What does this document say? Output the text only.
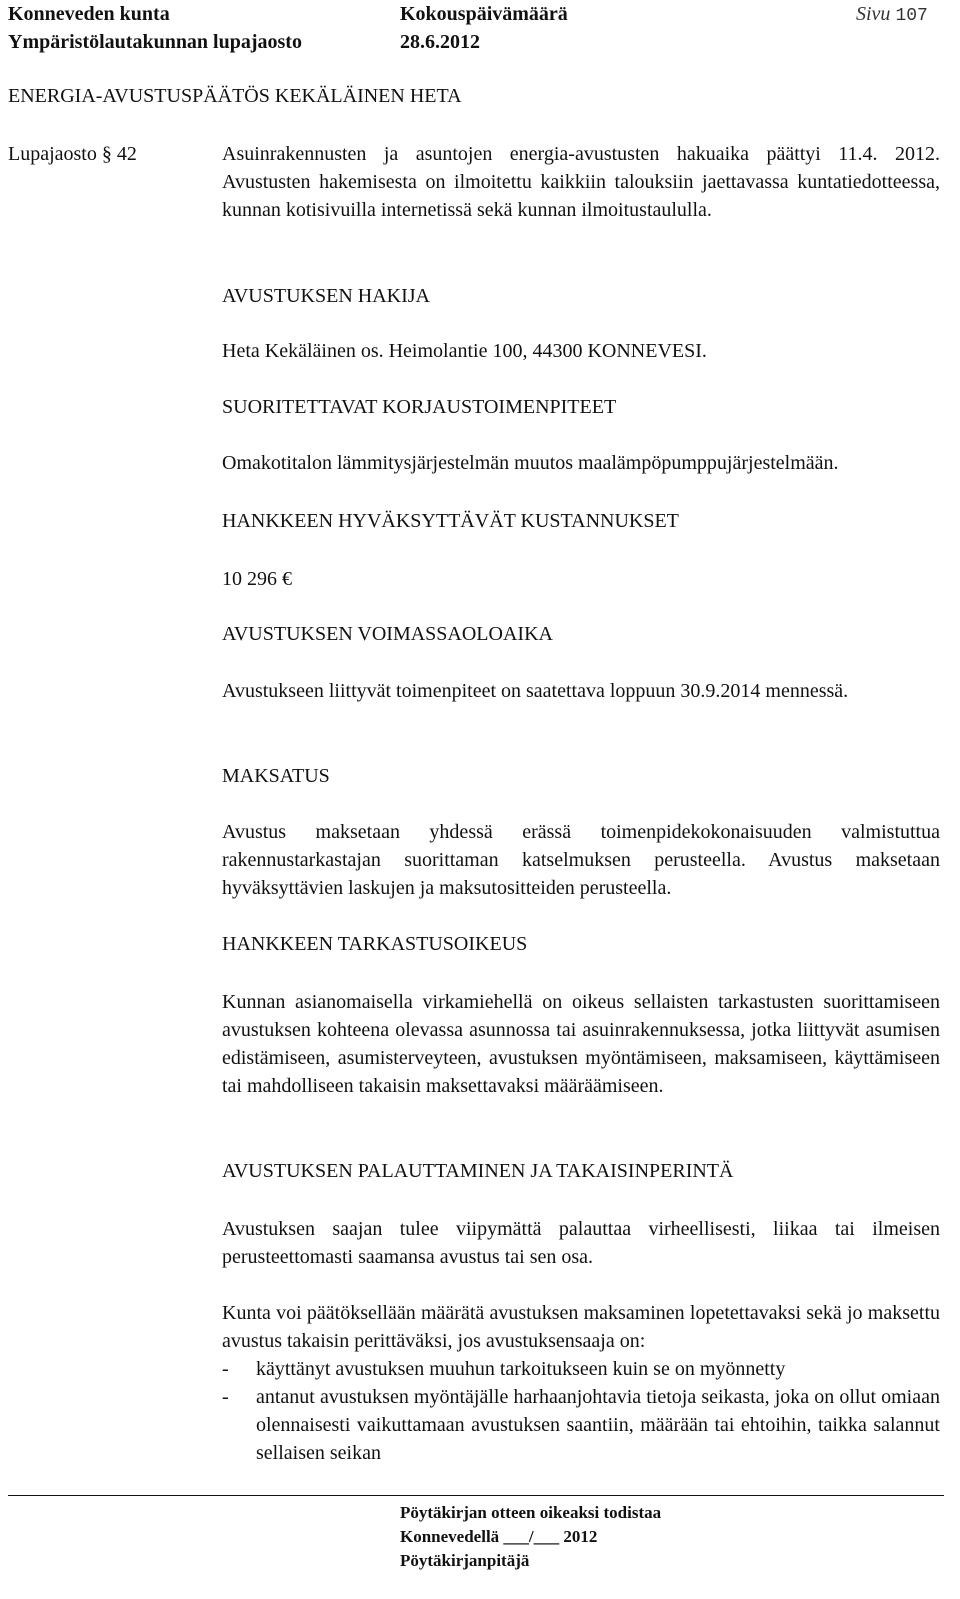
Konneveden kunta
Ympäristölautakunnan lupajaosto
Kokouspäivämäärä
28.6.2012
Sivu 107
ENERGIA-AVUSTUSPÄÄTÖS KEKÄLÄINEN HETA
Lupajaosto § 42	Asuinrakennusten ja asuntojen energia-avustusten hakuaika päättyi 11.4. 2012. Avustusten hakemisesta on ilmoitettu kaikkiin talouksiin jaettavassa kuntatiedotteessa, kunnan kotisivuilla internetissä sekä kunnan ilmoitustaululla.

AVUSTUKSEN HAKIJA

Heta Kekäläinen os. Heimolantie 100, 44300 KONNEVESI.

SUORITETTAVAT KORJAUSTOIMENPITEET

Omakotitalon lämmitysjärjestelmän muutos maalämpöpumppujärjestelmään.

HANKKEEN HYVÄKSYTTÄVÄT KUSTANNUKSET

10 296 €

AVUSTUKSEN VOIMASSAOLOAIKA

Avustukseen liittyvät toimenpiteet on saatettava loppuun 30.9.2014 mennessä.

MAKSATUS

Avustus maksetaan yhdessä erässä toimenpidekokonaisuuden valmistuttua rakennustarkastajan suorittaman katselmuksen perusteella. Avustus maksetaan hyväksyttävien laskujen ja maksutositteiden perusteella.

HANKKEEN TARKASTUSOIKEUS

Kunnan asianomaisella virkamiehellä on oikeus sellaisten tarkastusten suorittamiseen avustuksen kohteena olevassa asunnossa tai asuinrakennuksessa, jotka liittyvät asumisen edistämiseen, asumisterveyteen, avustuksen myöntämiseen, maksamiseen, käyttämiseen tai mahdolliseen takaisin maksettavaksi määräämiseen.

AVUSTUKSEN PALAUTTAMINEN JA TAKAISINPERINTÄ

Avustuksen saajan tulee viipymättä palauttaa virheellisesti, liikaa tai ilmeisen perusteettomasti saamansa avustus tai sen osa.

Kunta voi päätöksellään määrätä avustuksen maksaminen lopetettavaksi sekä jo maksettu avustus takaisin perittäväksi, jos avustuksensaaja on:

- käyttänyt avustuksen muuhun tarkoitukseen kuin se on myönnetty
- antanut avustuksen myöntäjälle harhaanjohtavia tietoja seikasta, joka on ollut omiaan olennaisesti vaikuttamaan avustuksen saantiin, määrään tai ehtoihin, taikka salannut sellaisen seikan
Pöytäkirjan otteen oikeaksi todistaa
Konnevedellä ___/___ 2012
Pöytäkirjanpitäjä
